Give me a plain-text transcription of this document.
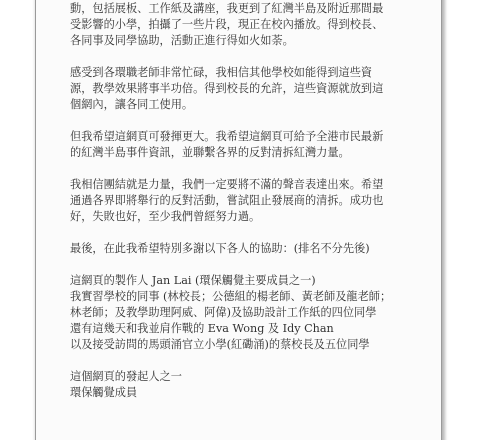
動，包括展板、工作紙及講座，我更到了紅灣半島及附近那間最
受影響的小學，拍攝了一些片段，現正在校內播放。得到校長、
各同事及同學協助，活動正進行得如火如荼。
感受到各環職老師非常忙碌，我相信其他學校如能得到這些資
源，教學效果將事半功倍。得到校長的允許，這些資源就放到這
個網內，讓各同工使用。
但我希望這網頁可發揮更大。我希望這網頁可給予全港市民最新
的紅灣半島事件資訊，並聯繫各界的反對清拆紅灣力量。
我相信團結就是力量，我們一定要將不滿的聲音表達出來。希望
通過各界即將舉行的反對活動，嘗試阻止發展商的清拆。成功也
好，失敗也好，至少我們曾經努力過。
最後，在此我希望特別多謝以下各人的協助：(排名不分先後)
這網頁的製作人 Jan Lai (環保觸覺主要成員之一)
我實習學校的同事 (林校長；公德組的楊老師、黃老師及龍老師；
林老師；及教學助理阿威、阿偉)及協助設計工作紙的四位同學
還有這幾天和我並肩作戰的 Eva Wong 及 Idy Chan
以及接受訪問的馬頭涌官立小學(紅磡涌)的蔡校長及五位同學
這個網頁的發起人之一
環保觸覺成員
